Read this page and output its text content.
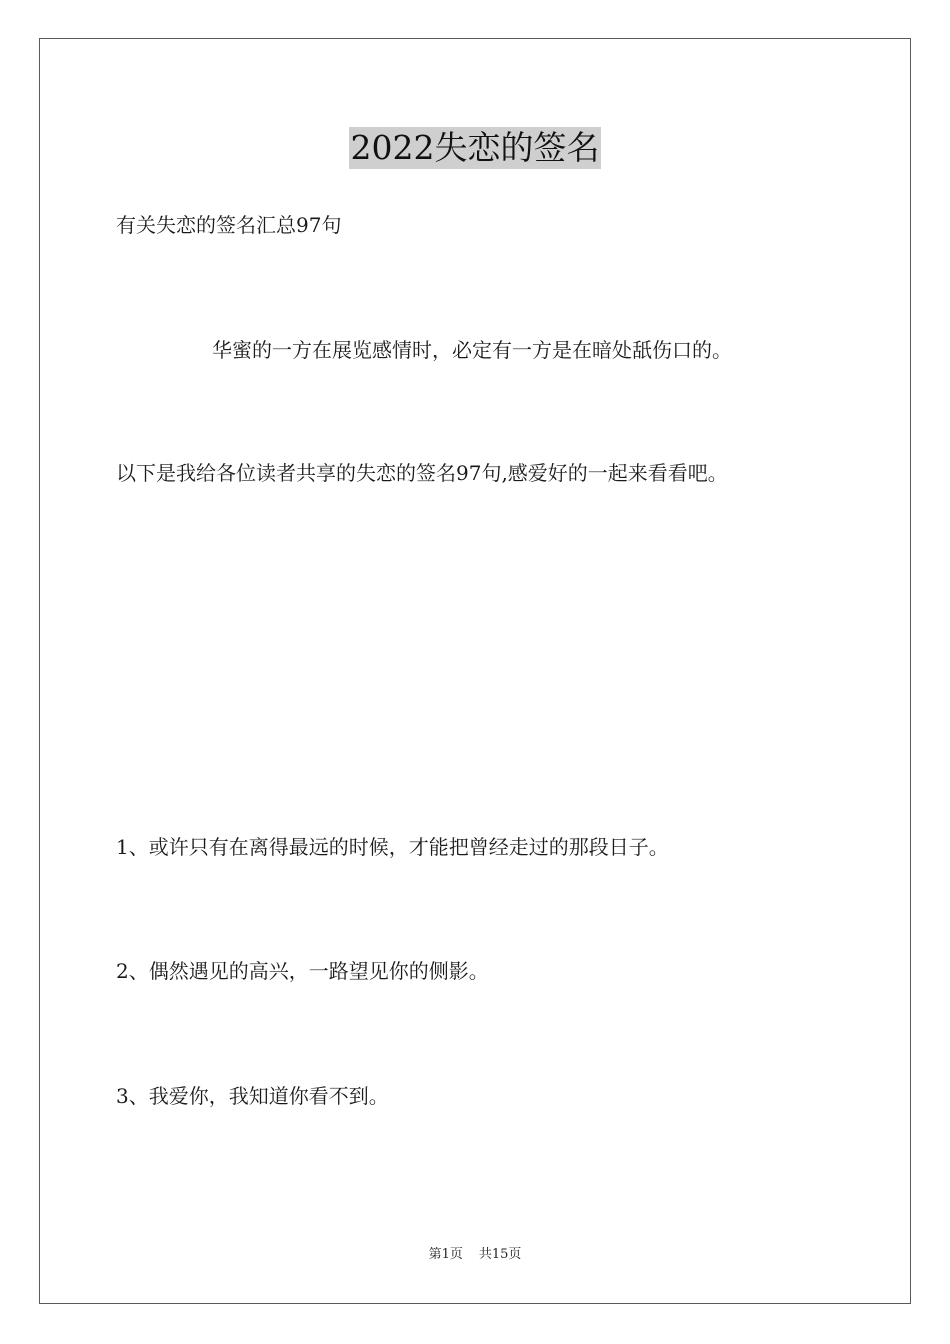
2022失恋的签名
有关失恋的签名汇总97句
华蜜的一方在展览感情时，必定有一方是在暗处舐伤口的。
以下是我给各位读者共享的失恋的签名97句,感爱好的一起来看看吧。
1、或许只有在离得最远的时候，才能把曾经走过的那段日子。
2、偶然遇见的高兴，一路望见你的侧影。
3、我爱你，我知道你看不到。
第1页 共15页
